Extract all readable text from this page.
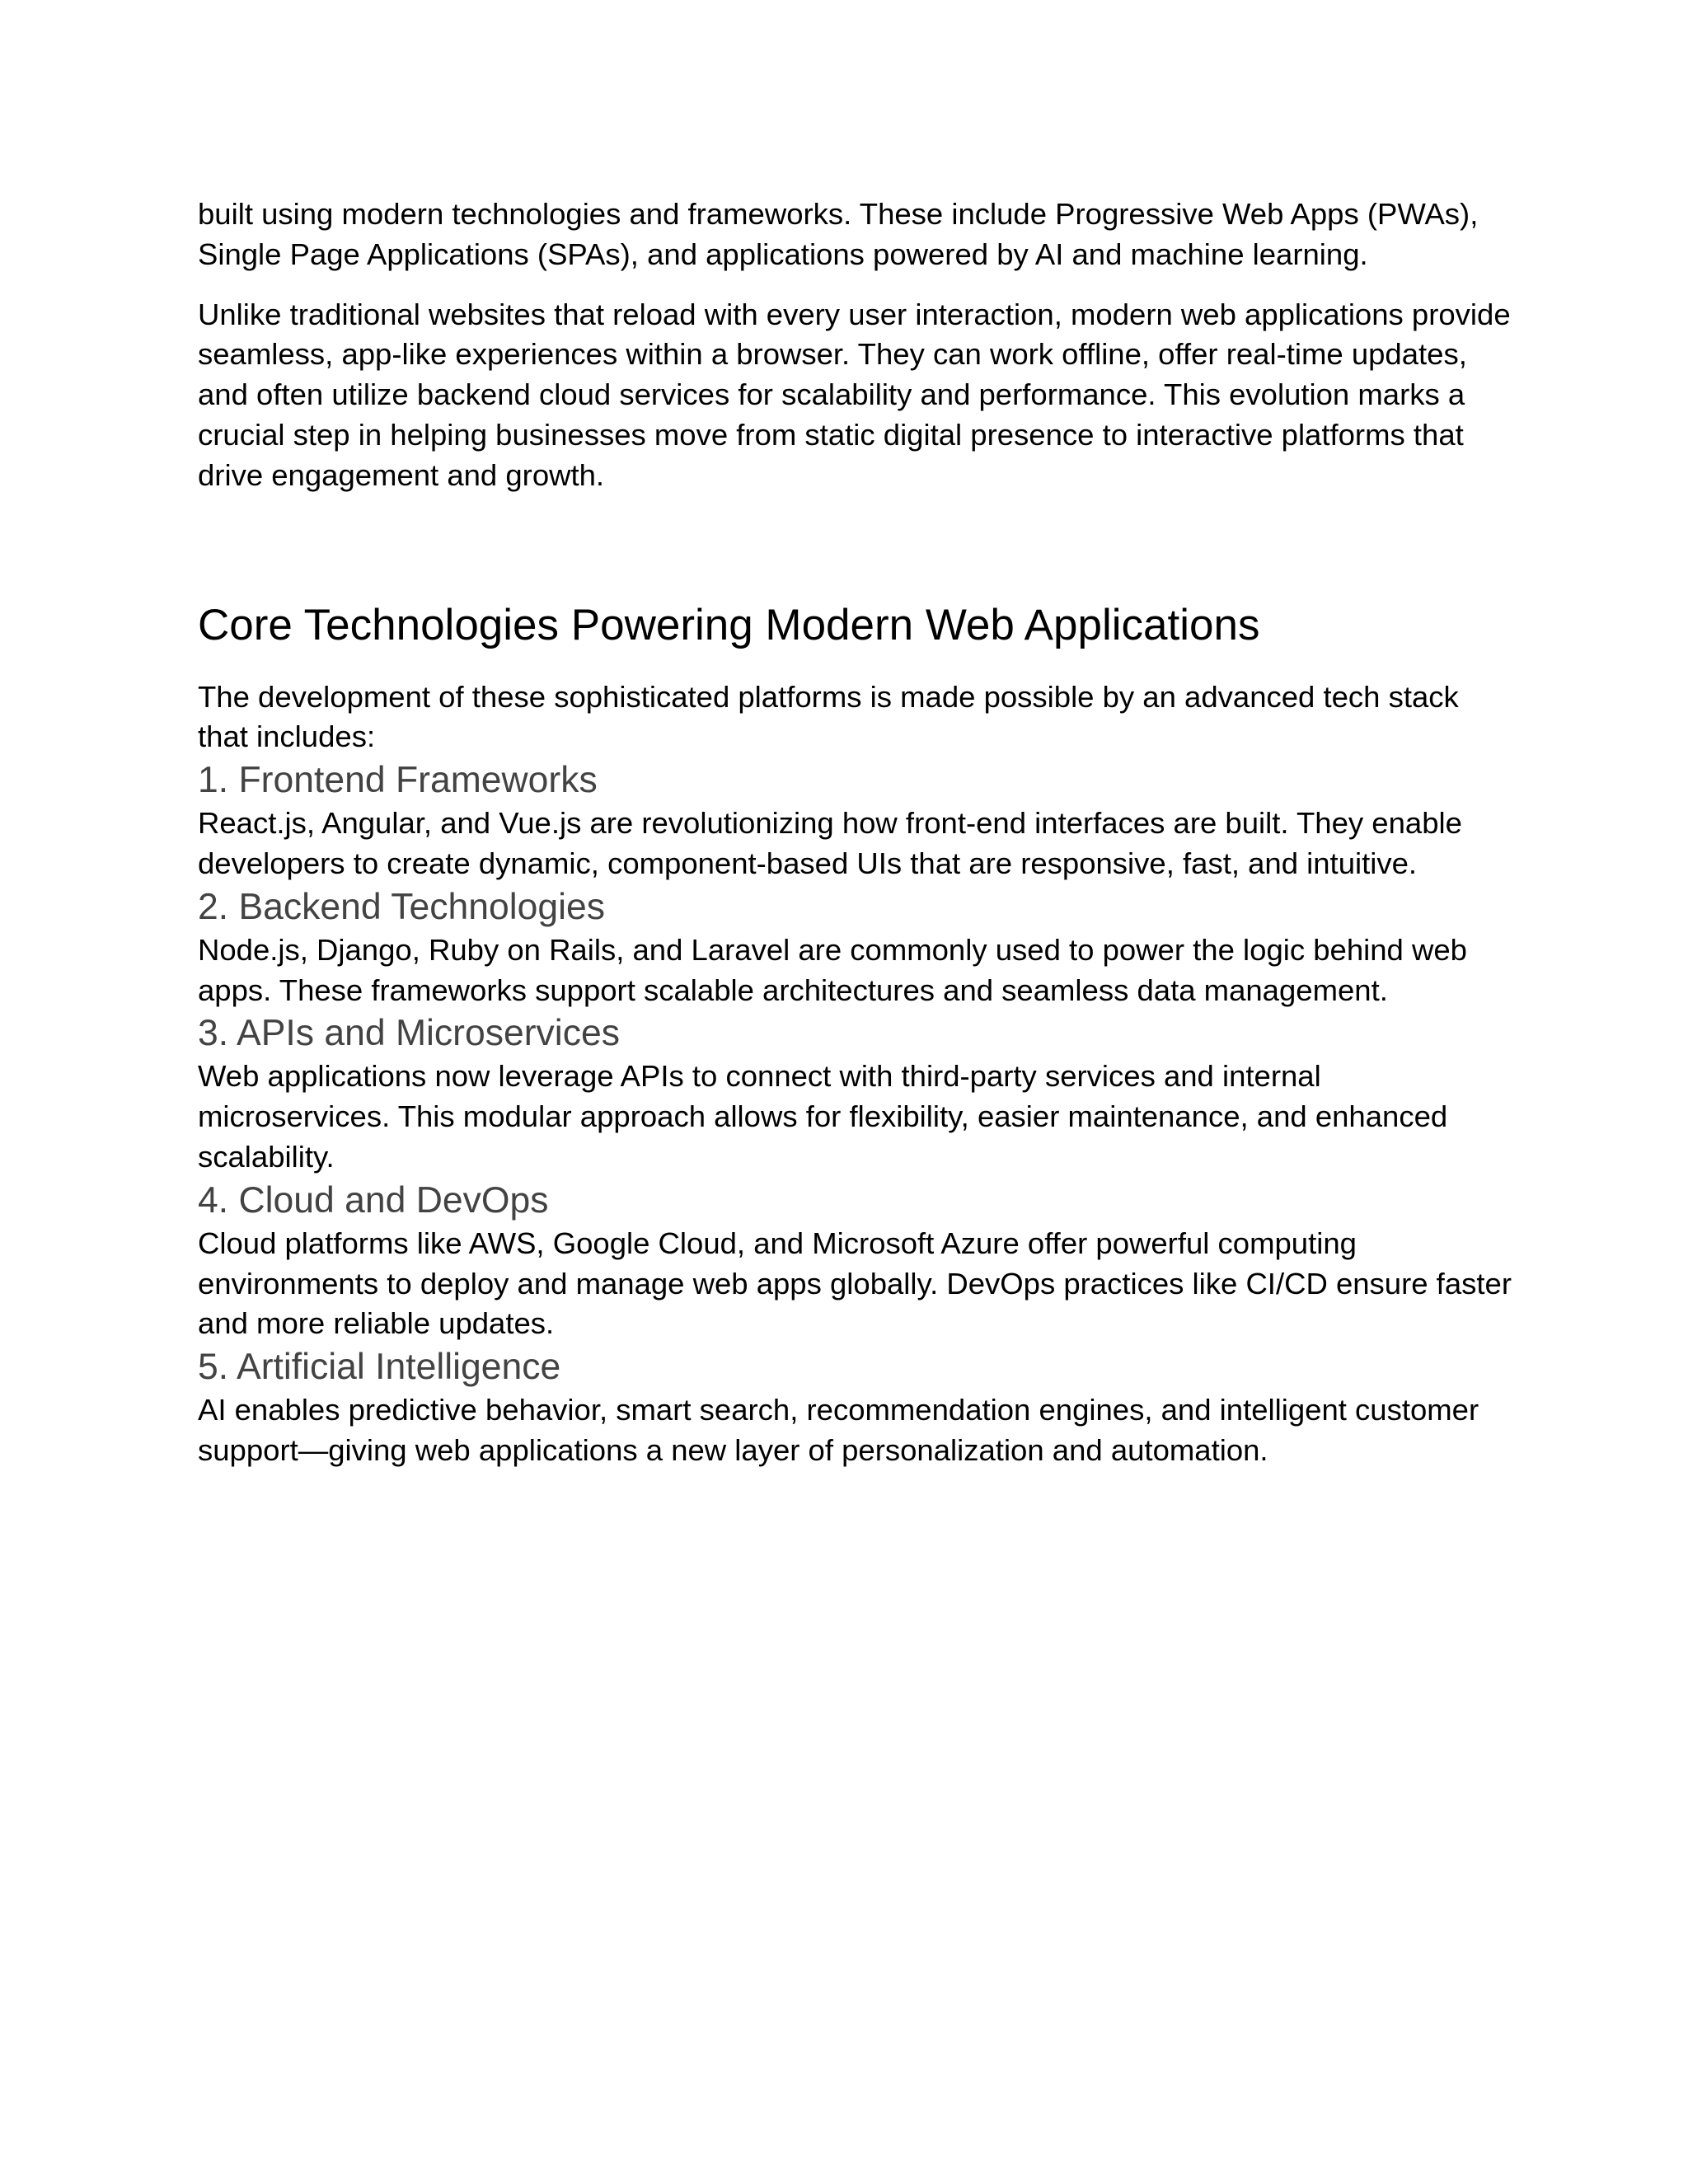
built using modern technologies and frameworks. These include Progressive Web Apps (PWAs), Single Page Applications (SPAs), and applications powered by AI and machine learning.

Unlike traditional websites that reload with every user interaction, modern web applications provide seamless, app-like experiences within a browser. They can work offline, offer real-time updates, and often utilize backend cloud services for scalability and performance. This evolution marks a crucial step in helping businesses move from static digital presence to interactive platforms that drive engagement and growth.

Core Technologies Powering Modern Web Applications

The development of these sophisticated platforms is made possible by an advanced tech stack that includes:

1. Frontend Frameworks

React.js, Angular, and Vue.js are revolutionizing how front-end interfaces are built. They enable developers to create dynamic, component-based UIs that are responsive, fast, and intuitive.

2. Backend Technologies

Node.js, Django, Ruby on Rails, and Laravel are commonly used to power the logic behind web apps. These frameworks support scalable architectures and seamless data management.

3. APIs and Microservices

Web applications now leverage APIs to connect with third-party services and internal microservices. This modular approach allows for flexibility, easier maintenance, and enhanced scalability.

4. Cloud and DevOps

Cloud platforms like AWS, Google Cloud, and Microsoft Azure offer powerful computing environments to deploy and manage web apps globally. DevOps practices like CI/CD ensure faster and more reliable updates.

5. Artificial Intelligence

AI enables predictive behavior, smart search, recommendation engines, and intelligent customer support—giving web applications a new layer of personalization and automation.
